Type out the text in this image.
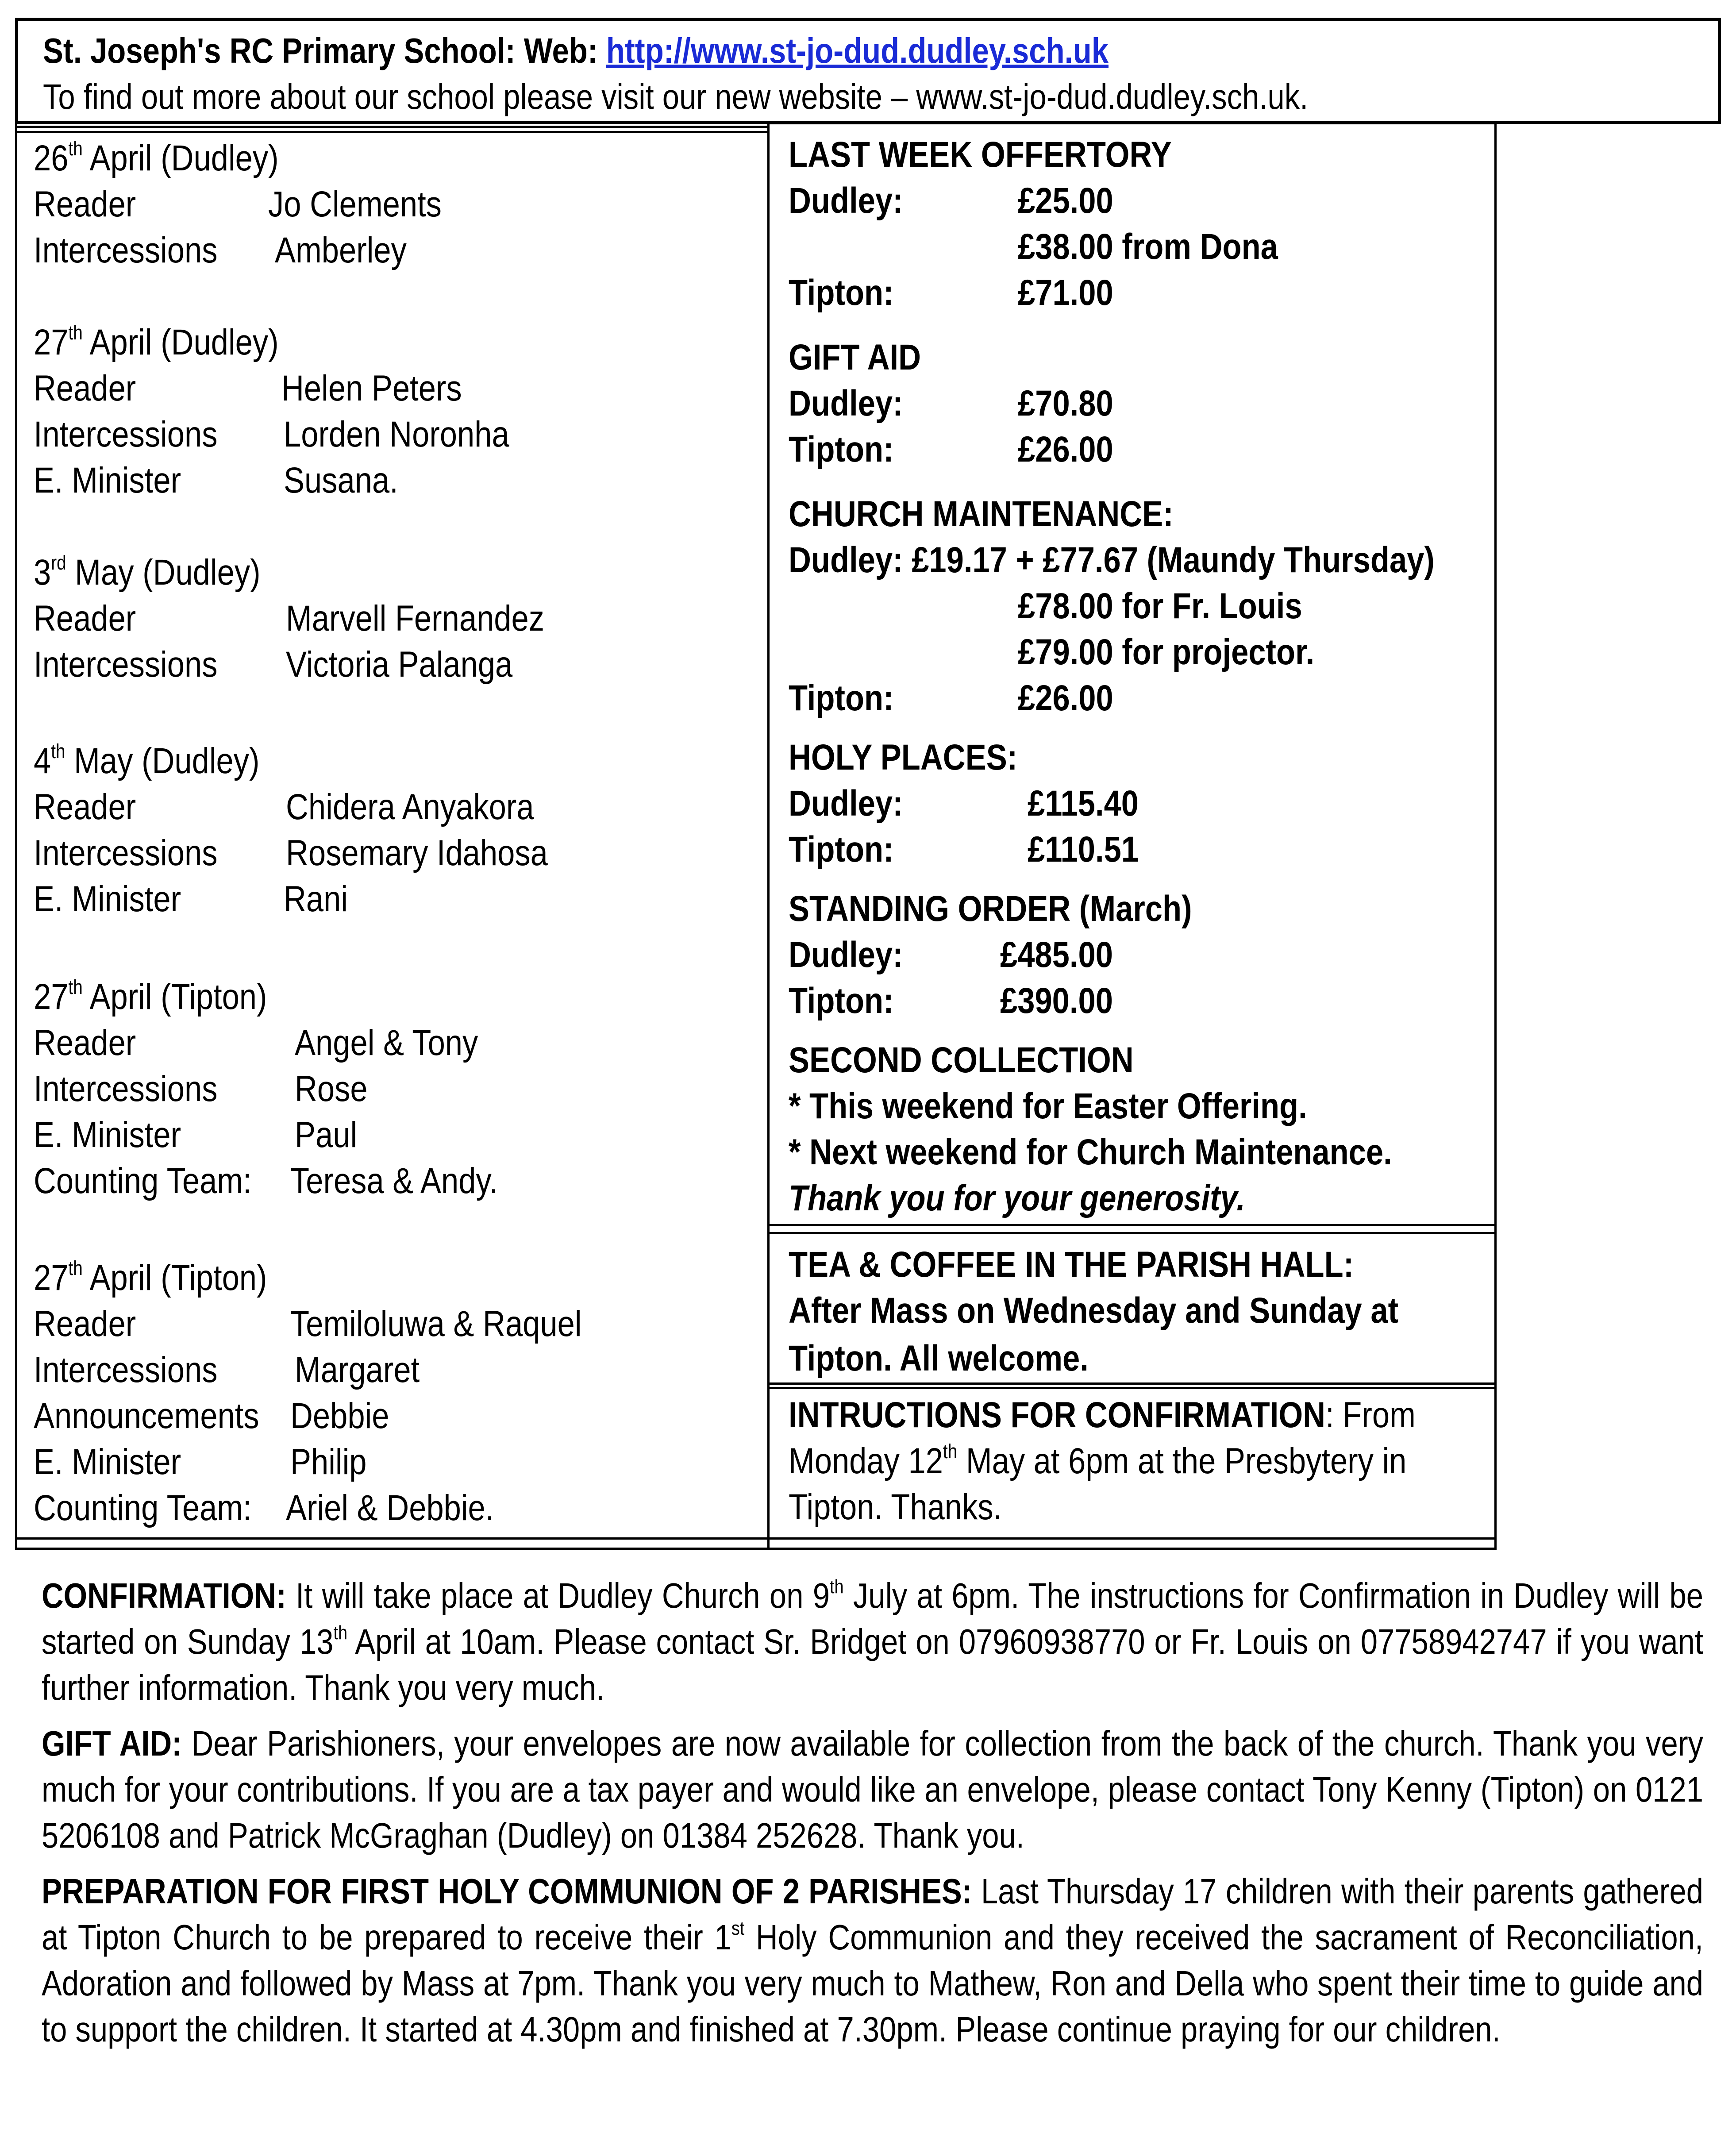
St. Joseph's RC Primary School: Web: http://www.st-jo-dud.dudley.sch.uk
To find out more about our school please visit our new website – www.st-jo-dud.dudley.sch.uk.
26th April (Dudley)
Reader	Jo Clements
Intercessions Amberley
27th April (Dudley)
Reader	Helen Peters
Intercessions Lorden Noronha
E. Minister	Susana.
3rd May (Dudley)
Reader	Marvell Fernandez
Intercessions Victoria Palanga
4th May (Dudley)
Reader	Chidera Anyakora
Intercessions Rosemary Idahosa
E. Minister	Rani
27th April (Tipton)
Reader	Angel & Tony
Intercessions Rose
E. Minister	Paul
Counting Team: Teresa & Andy.
27th April (Tipton)
Reader	Temiloluwa & Raquel
Intercessions Margaret
Announcements Debbie
E. Minister	Philip
Counting Team: Ariel & Debbie.
LAST WEEK OFFERTORY
Dudley:	£25.00
£38.00 from Dona
Tipton:	£71.00
GIFT AID
Dudley:	£70.80
Tipton:	£26.00
CHURCH MAINTENANCE:
Dudley: £19.17 + £77.67 (Maundy Thursday)
£78.00 for Fr. Louis
£79.00 for projector.
Tipton:	£26.00
HOLY PLACES:
Dudley:	£115.40
Tipton:	£110.51
STANDING ORDER (March)
Dudley:	£485.00
Tipton:	£390.00
SECOND COLLECTION
* This weekend for Easter Offering.
* Next weekend for Church Maintenance.
Thank you for your generosity.
TEA & COFFEE IN THE PARISH HALL:
After Mass on Wednesday and Sunday at
Tipton. All welcome.
INTRUCTIONS FOR CONFIRMATION: From
Monday 12th May at 6pm at the Presbytery in
Tipton. Thanks.
CONFIRMATION: It will take place at Dudley Church on 9th July at 6pm. The instructions for Confirmation in Dudley will be started on Sunday 13th April at 10am. Please contact Sr. Bridget on 07960938770 or Fr. Louis on 07758942747 if you want further information. Thank you very much.
GIFT AID: Dear Parishioners, your envelopes are now available for collection from the back of the church. Thank you very much for your contributions. If you are a tax payer and would like an envelope, please contact Tony Kenny (Tipton) on 0121 5206108 and Patrick McGraghan (Dudley) on 01384 252628. Thank you.
PREPARATION FOR FIRST HOLY COMMUNION OF 2 PARISHES: Last Thursday 17 children with their parents gathered at Tipton Church to be prepared to receive their 1st Holy Communion and they received the sacrament of Reconciliation, Adoration and followed by Mass at 7pm. Thank you very much to Mathew, Ron and Della who spent their time to guide and to support the children. It started at 4.30pm and finished at 7.30pm. Please continue praying for our children.
